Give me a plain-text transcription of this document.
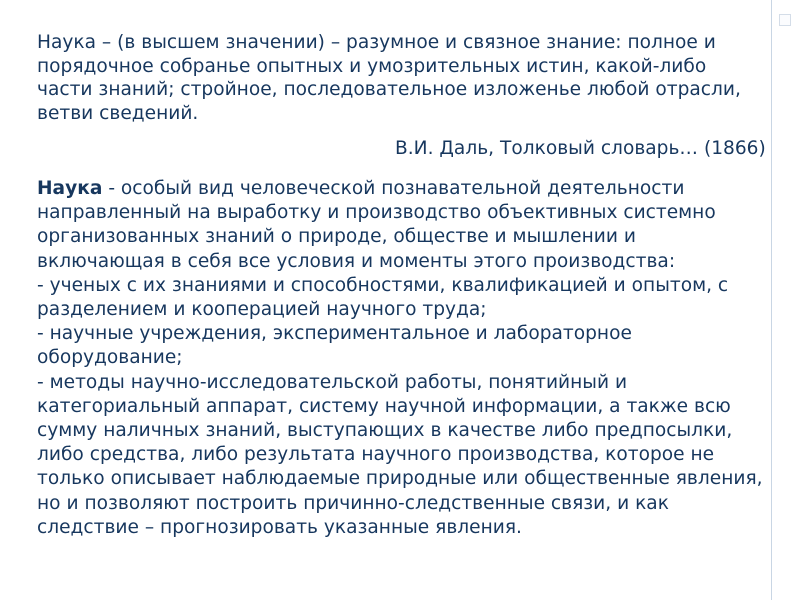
Наука – (в высшем значении) – разумное и связное знание: полное и
порядочное собранье опытных и умозрительных истин, какой-либо
части знаний; стройное, последовательное изложенье любой отрасли,
ветви сведений.
В.И. Даль, Толковый словарь… (1866)
Наука - особый вид человеческой познавательной деятельности
направленный на выработку и производство объективных системно
организованных знаний о природе, обществе и мышлении и
включающая в себя все условия и моменты этого производства:
- ученых с их знаниями и способностями, квалификацией и опытом, с
разделением и кооперацией научного труда;
- научные учреждения, экспериментальное и лабораторное
оборудование;
- методы научно-исследовательской работы, понятийный и
категориальный аппарат, систему научной информации, а также всю
сумму наличных знаний, выступающих в качестве либо предпосылки,
либо средства, либо результата научного производства, которое не
только описывает наблюдаемые природные или общественные явления,
но и позволяют построить причинно-следственные связи, и как
следствие – прогнозировать указанные явления.
